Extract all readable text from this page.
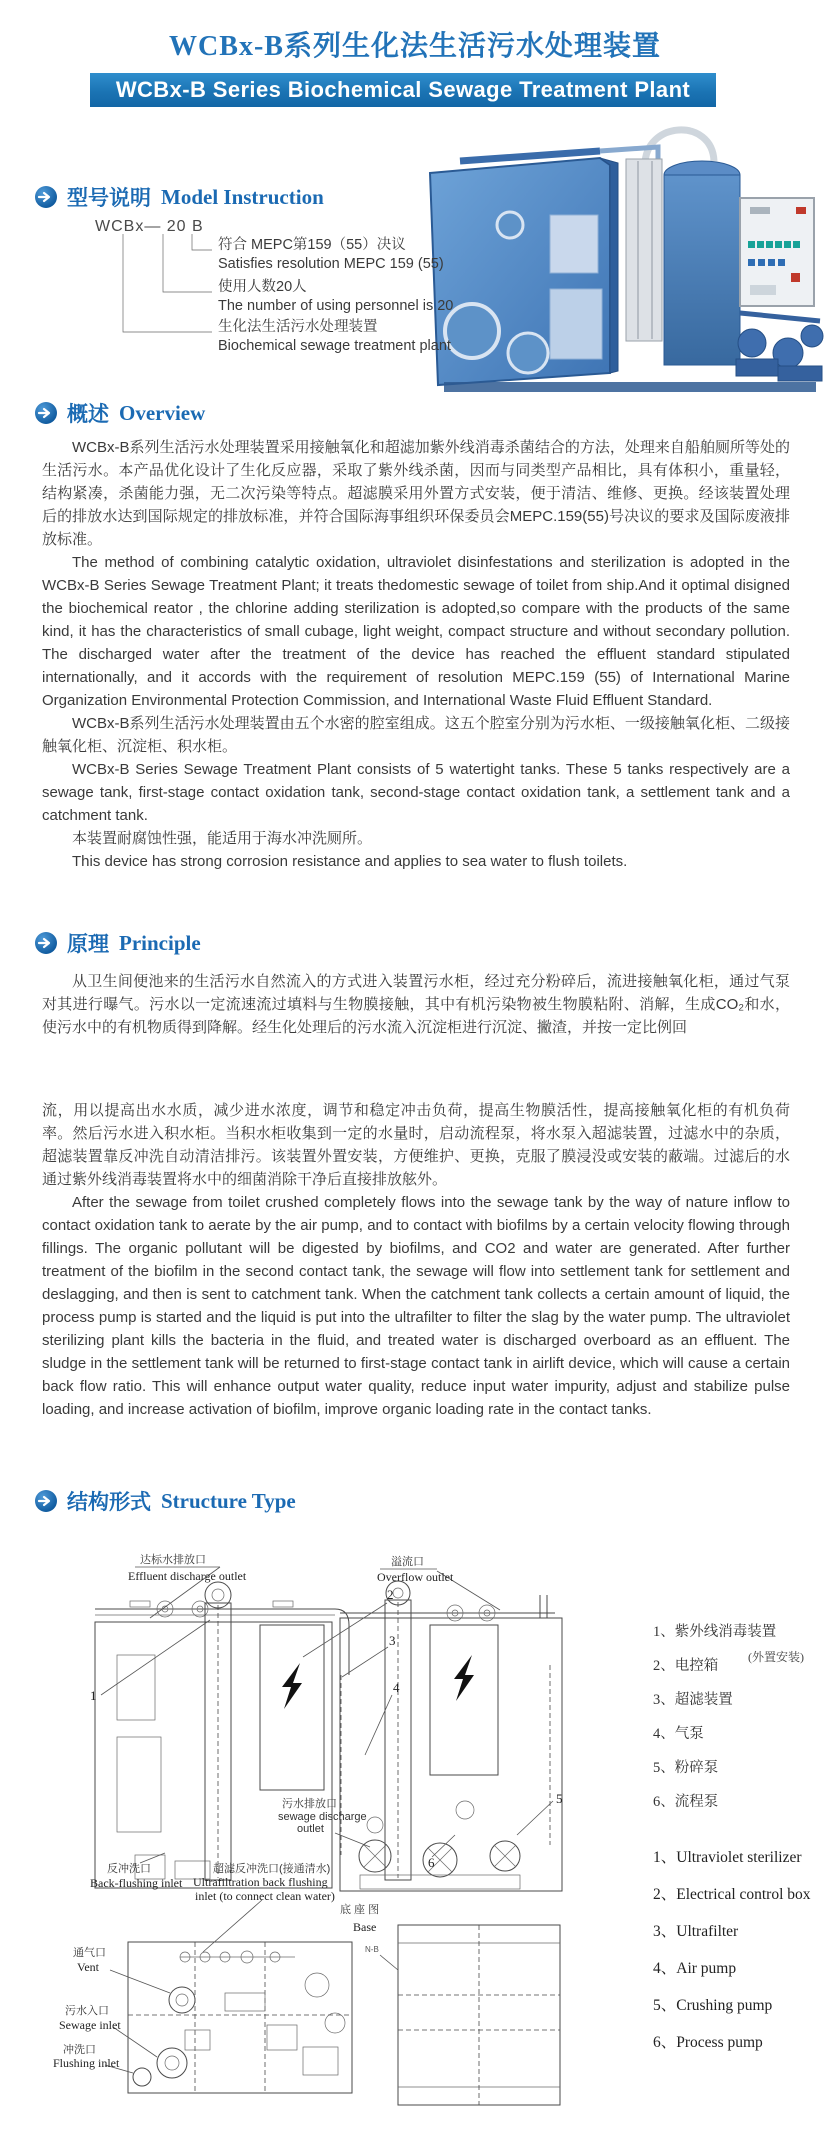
WCBx-B系列生化法生活污水处理装置
WCBx-B Series Biochemical Sewage Treatment Plant
型号说明 Model Instruction
WCBx— 20 B
符合 MEPC第159（55）决议
Satisfies resolution MEPC 159 (55)
使用人数20人
The number of using personnel is 20
生化法生活污水处理装置
Biochemical sewage treatment plant
概述 Overview

WCBx-B系列生活污水处理装置采用接触氧化和超滤加紫外线消毒杀菌结合的方法，处理来自船舶厕所等处的生活污水。本产品优化设计了生化反应器，采取了紫外线杀菌，因而与同类型产品相比，具有体积小，重量轻，结构紧凑，杀菌能力强，无二次污染等特点。超滤膜采用外置方式安装，便于清洁、维修、更换。经该装置处理后的排放水达到国际规定的排放标准，并符合国际海事组织环保委员会MEPC.159(55)号决议的要求及国际废液排放标准。

The method of combining catalytic oxidation, ultraviolet disinfestations and sterilization is adopted in the WCBx-B Series Sewage Treatment Plant; it treats thedomestic sewage of toilet from ship.And it optimal disigned the biochemical reator , the chlorine adding sterilization is adopted,so compare with the products of the same kind, it has the characteristics of small cubage, light weight, compact structure and without secondary pollution. The discharged water after the treatment of the device has reached the effluent standard stipulated internationally, and it accords with the requirement of resolution MEPC.159 (55) of International Marine Organization Environmental Protection Commission, and International Waste Fluid Effluent Standard.

WCBx-B系列生活污水处理装置由五个水密的腔室组成。这五个腔室分别为污水柜、一级接触氧化柜、二级接触氧化柜、沉淀柜、积水柜。

WCBx-B Series Sewage Treatment Plant consists of 5 watertight tanks. These 5 tanks respectively are a sewage tank, first-stage contact oxidation tank, second-stage contact oxidation tank, a settlement tank and a catchment tank.

本装置耐腐蚀性强，能适用于海水冲洗厕所。

This device has strong corrosion resistance and applies to sea water to flush toilets.

原理 Principle

从卫生间便池来的生活污水自然流入的方式进入装置污水柜，经过充分粉碎后，流进接触氧化柜，通过气泵对其进行曝气。污水以一定流速流过填料与生物膜接触，其中有机污染物被生物膜粘附、消解，生成CO₂和水，使污水中的有机物质得到降解。经生化处理后的污水流入沉淀柜进行沉淀、撇渣，并按一定比例回

流，用以提高出水水质，减少进水浓度，调节和稳定冲击负荷，提高生物膜活性，提高接触氧化柜的有机负荷率。然后污水进入积水柜。当积水柜收集到一定的水量时，启动流程泵，将水泵入超滤装置，过滤水中的杂质，超滤装置靠反冲洗自动清洁排污。该装置外置安装，方便维护、更换，克服了膜浸没或安装的蔽端。过滤后的水通过紫外线消毒装置将水中的细菌消除干净后直接排放舷外。

After the sewage from toilet crushed completely flows into the sewage tank by the way of nature inflow to contact oxidation tank to aerate by the air pump, and to contact with biofilms by a certain velocity flowing through fillings. The organic pollutant will be digested by biofilms, and CO2 and water are generated. After further treatment of the biofilm in the second contact tank, the sewage will flow into settlement tank for settlement and deslagging, and then is sent to catchment tank. When the catchment tank collects a certain amount of liquid, the process pump is started and the liquid is put into the ultrafilter to filter the slag by the water pump. The ultraviolet sterilizing plant kills the bacteria in the fluid, and treated water is discharged overboard as an effluent. The sludge in the settlement tank will be returned to first-stage contact tank in airlift device, which will cause a certain back flow ratio. This will enhance output water quality, reduce input water impurity, adjust and stabilize pulse loading, and increase activation of biofilm, improve organic loading rate in the contact tanks.

结构形式 Structure Type
达标水排放口
Effluent discharge outlet
溢流口
Overflow outlet
1
2
3
4
5
6
污水排放口
sewage discharge
outlet
反冲洗口
Back-flushing inlet
超滤反冲洗口(接通清水)
Ultrafiltration back flushing
inlet (to connect clean water)
底 座 图
Base
N-B
通气口
Vent
污水入口
Sewage inlet
冲洗口
Flushing inlet
1、紫外线消毒装置
2、电控箱
3、超滤装置
4、气泵
5、粉碎泵
6、流程泵
(外置安装)
1、Ultraviolet sterilizer
2、Electrical control box
3、Ultrafilter
4、Air pump
5、Crushing pump
6、Process pump
